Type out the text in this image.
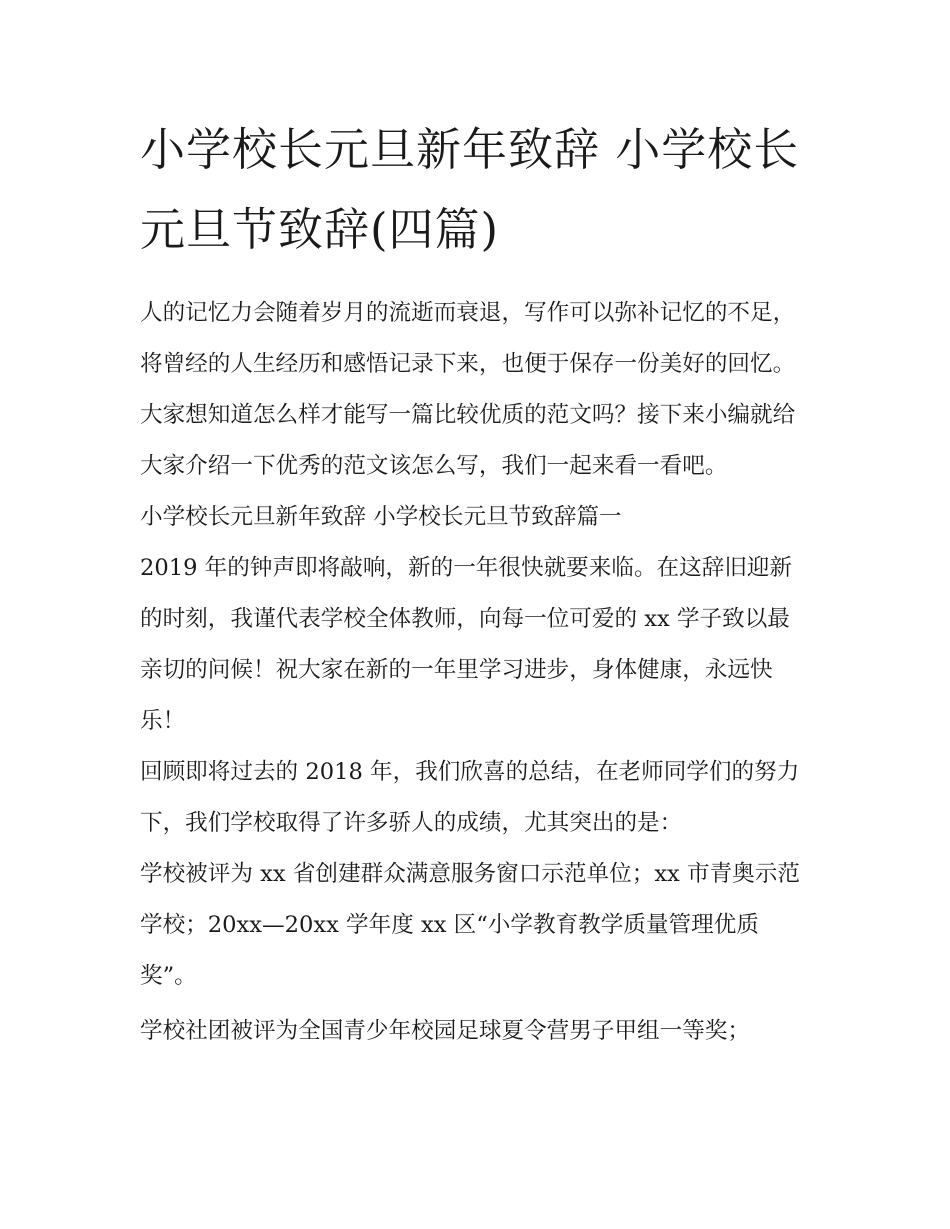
小学校长元旦新年致辞 小学校长元旦节致辞(四篇)

人的记忆力会随着岁月的流逝而衰退，写作可以弥补记忆的不足，将曾经的人生经历和感悟记录下来，也便于保存一份美好的回忆。大家想知道怎么样才能写一篇比较优质的范文吗？接下来小编就给大家介绍一下优秀的范文该怎么写，我们一起来看一看吧。

小学校长元旦新年致辞 小学校长元旦节致辞篇一

2019 年的钟声即将敲响，新的一年很快就要来临。在这辞旧迎新的时刻，我谨代表学校全体教师，向每一位可爱的 xx 学子致以最亲切的问候！祝大家在新的一年里学习进步，身体健康，永远快乐！

回顾即将过去的 2018 年，我们欣喜的总结，在老师同学们的努力下，我们学校取得了许多骄人的成绩，尤其突出的是：

学校被评为 xx 省创建群众满意服务窗口示范单位；xx 市青奥示范学校；20xx—20xx 学年度 xx 区“小学教育教学质量管理优质奖”。

学校社团被评为全国青少年校园足球夏令营男子甲组一等奖；
